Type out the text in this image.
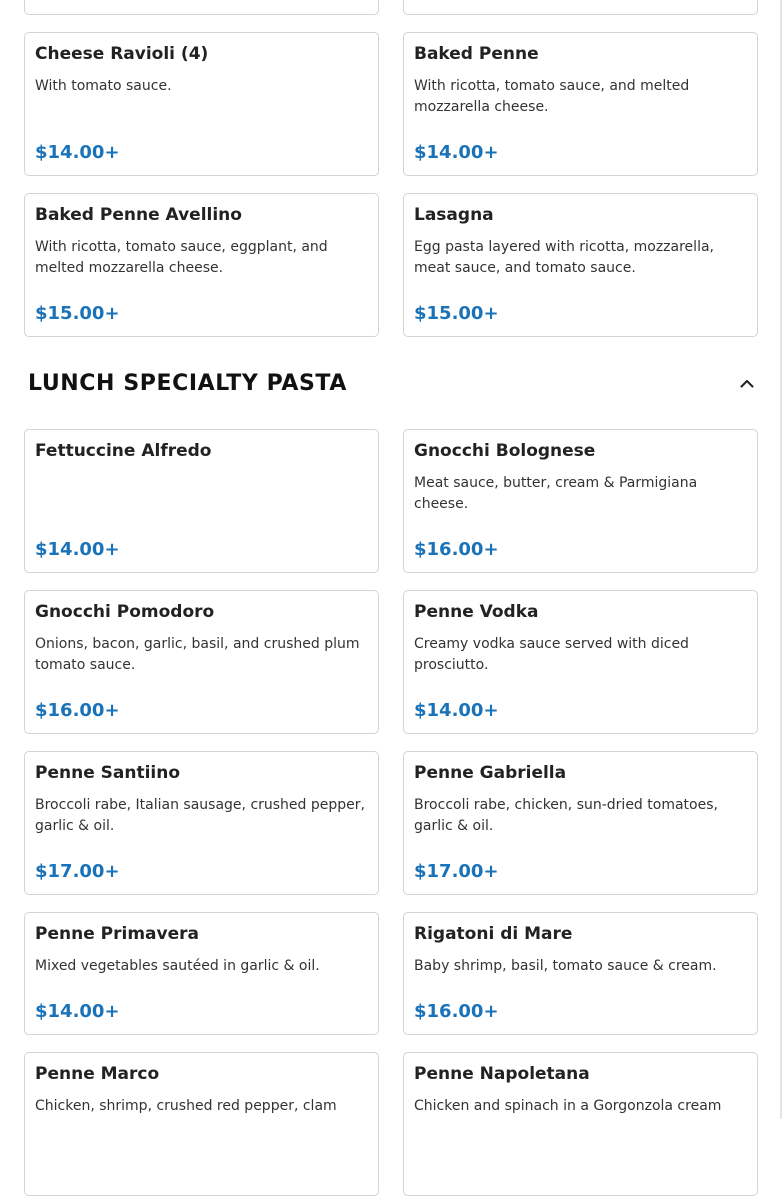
Cheese Ravioli (4)
With tomato sauce.
$14.00+
Baked Penne
With ricotta, tomato sauce, and melted mozzarella cheese.
$14.00+
Baked Penne Avellino
With ricotta, tomato sauce, eggplant, and melted mozzarella cheese.
$15.00+
Lasagna
Egg pasta layered with ricotta, mozzarella, meat sauce, and tomato sauce.
$15.00+
LUNCH SPECIALTY PASTA
Fettuccine Alfredo
$14.00+
Gnocchi Bolognese
Meat sauce, butter, cream & Parmigiana cheese.
$16.00+
Gnocchi Pomodoro
Onions, bacon, garlic, basil, and crushed plum tomato sauce.
$16.00+
Penne Vodka
Creamy vodka sauce served with diced prosciutto.
$14.00+
Penne Santiino
Broccoli rabe, Italian sausage, crushed pepper, garlic & oil.
$17.00+
Penne Gabriella
Broccoli rabe, chicken, sun-dried tomatoes, garlic & oil.
$17.00+
Penne Primavera
Mixed vegetables sautéed in garlic & oil.
$14.00+
Rigatoni di Mare
Baby shrimp, basil, tomato sauce & cream.
$16.00+
Penne Marco
Chicken, shrimp, crushed red pepper, clam
Penne Napoletana
Chicken and spinach in a Gorgonzola cream
